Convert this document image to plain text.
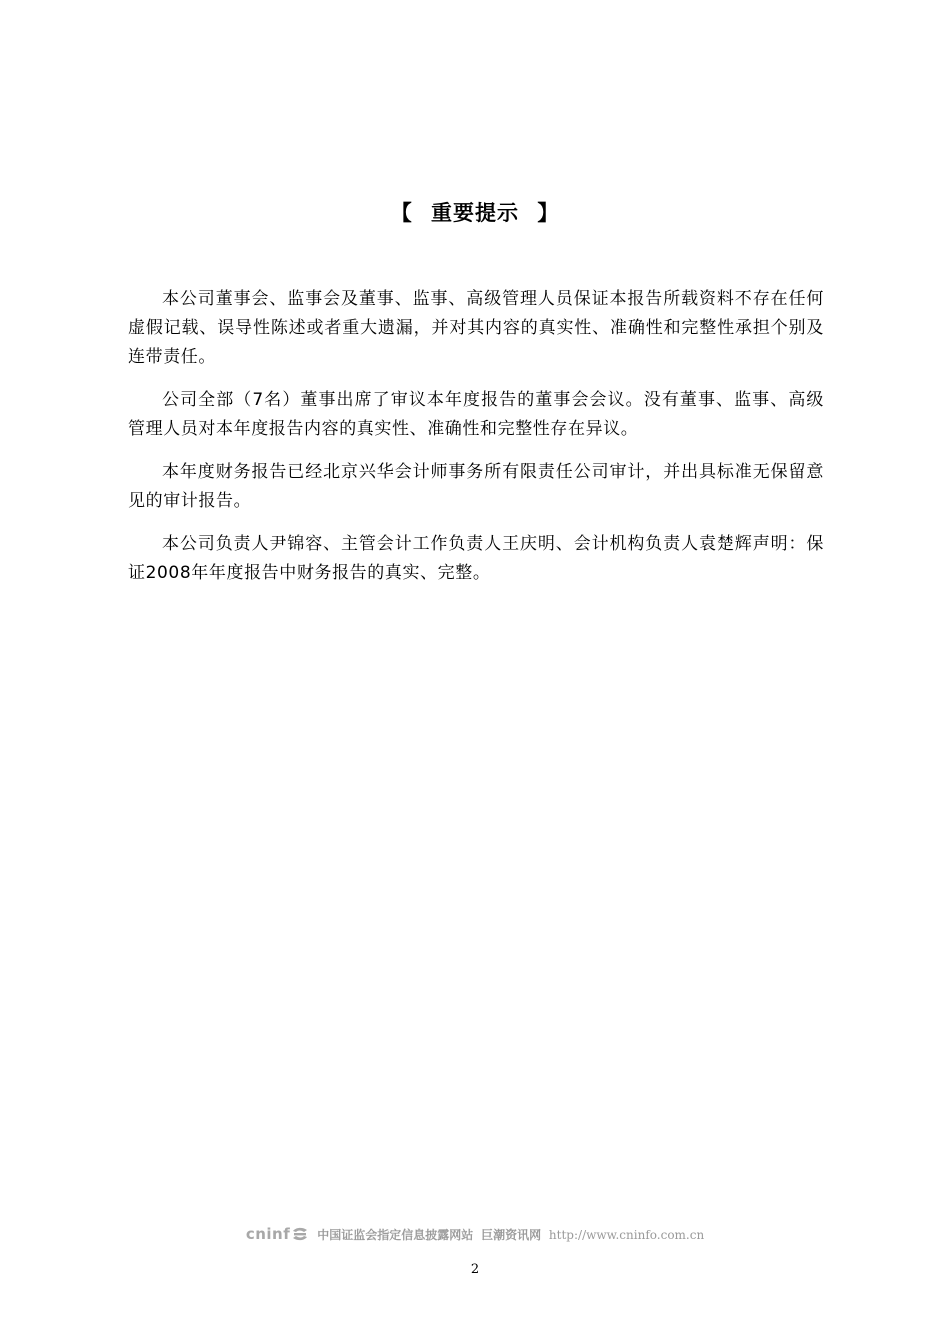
【 重要提示 】

本公司董事会、监事会及董事、监事、高级管理人员保证本报告所载资料不存在任何虚假记载、误导性陈述或者重大遗漏，并对其内容的真实性、准确性和完整性承担个别及连带责任。

公司全部（7名）董事出席了审议本年度报告的董事会会议。没有董事、监事、高级管理人员对本年度报告内容的真实性、准确性和完整性存在异议。

本年度财务报告已经北京兴华会计师事务所有限责任公司审计，并出具标准无保留意见的审计报告。

本公司负责人尹锦容、主管会计工作负责人王庆明、会计机构负责人袁楚辉声明：保证2008年年度报告中财务报告的真实、完整。

cninf 中国证监会指定信息披露网站 巨潮资讯网 http://www.cninfo.com.cn
2
